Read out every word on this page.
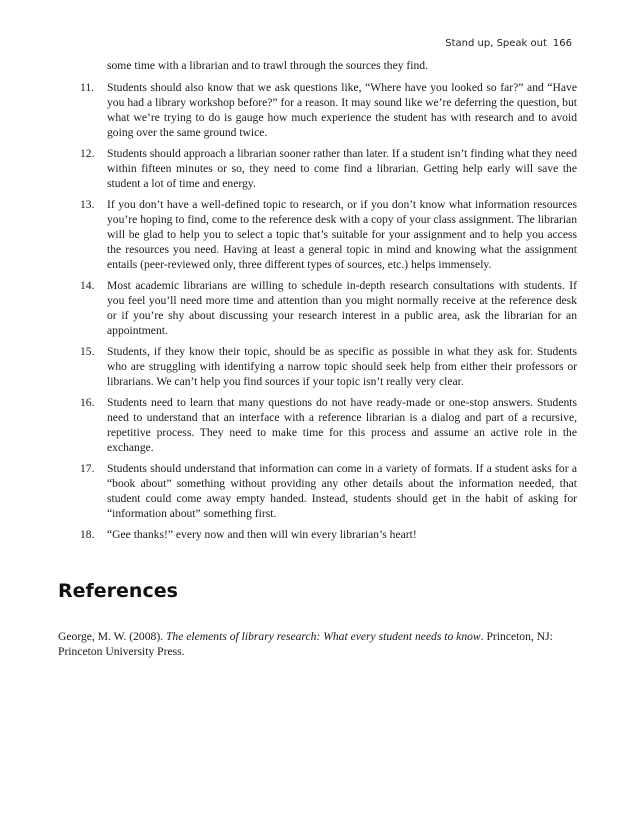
Stand up, Speak out 166

some time with a librarian and to trawl through the sources they find.

11.	Students should also know that we ask questions like, “Where have you looked so far?” and “Have you had a library workshop before?” for a reason. It may sound like we’re deferring the question, but what we’re trying to do is gauge how much experience the student has with research and to avoid going over the same ground twice.
12.	Students should approach a librarian sooner rather than later. If a student isn’t finding what they need within fifteen minutes or so, they need to come find a librarian. Getting help early will save the student a lot of time and energy.
13.	If you don’t have a well-defined topic to research, or if you don’t know what information resources you’re hoping to find, come to the reference desk with a copy of your class assignment. The librarian will be glad to help you to select a topic that’s suitable for your assignment and to help you access the resources you need. Having at least a general topic in mind and knowing what the assignment entails (peer-reviewed only, three different types of sources, etc.) helps immensely.
14.	Most academic librarians are willing to schedule in-depth research consultations with students. If you feel you’ll need more time and attention than you might normally receive at the reference desk or if you’re shy about discussing your research interest in a public area, ask the librarian for an appointment.
15.	Students, if they know their topic, should be as specific as possible in what they ask for. Students who are struggling with identifying a narrow topic should seek help from either their professors or librarians. We can’t help you find sources if your topic isn’t really very clear.
16.	Students need to learn that many questions do not have ready-made or one-stop answers. Students need to understand that an interface with a reference librarian is a dialog and part of a recursive, repetitive process. They need to make time for this process and assume an active role in the exchange.
17.	Students should understand that information can come in a variety of formats. If a student asks for a “book about” something without providing any other details about the information needed, that student could come away empty handed. Instead, students should get in the habit of asking for “information about” something first.
18.	“Gee thanks!” every now and then will win every librarian’s heart!
References

George, M. W. (2008). The elements of library research: What every student needs to know. Princeton, NJ: Princeton University Press.
